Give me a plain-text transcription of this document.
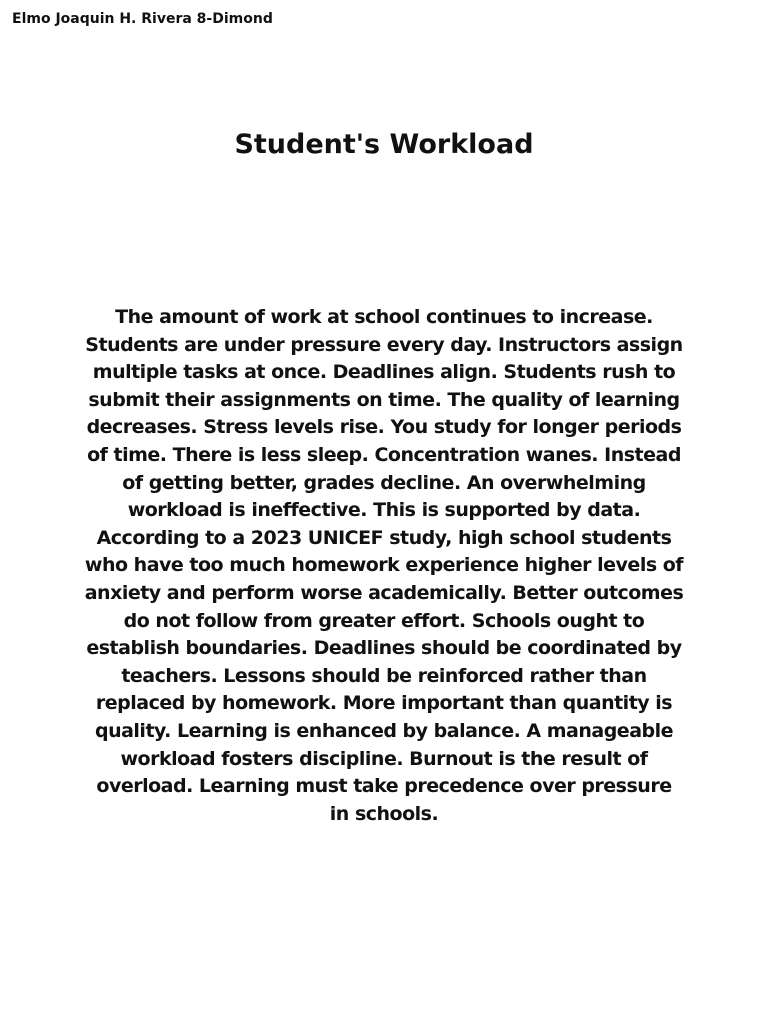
Elmo Joaquin H. Rivera 8-Dimond

Student's Workload

The amount of work at school continues to increase. Students are under pressure every day. Instructors assign multiple tasks at once. Deadlines align. Students rush to submit their assignments on time. The quality of learning decreases. Stress levels rise. You study for longer periods of time. There is less sleep. Concentration wanes. Instead of getting better, grades decline. An overwhelming workload is ineffective. This is supported by data. According to a 2023 UNICEF study, high school students who have too much homework experience higher levels of anxiety and perform worse academically. Better outcomes do not follow from greater effort. Schools ought to establish boundaries. Deadlines should be coordinated by teachers. Lessons should be reinforced rather than replaced by homework. More important than quantity is quality. Learning is enhanced by balance. A manageable workload fosters discipline. Burnout is the result of overload. Learning must take precedence over pressure in schools.
